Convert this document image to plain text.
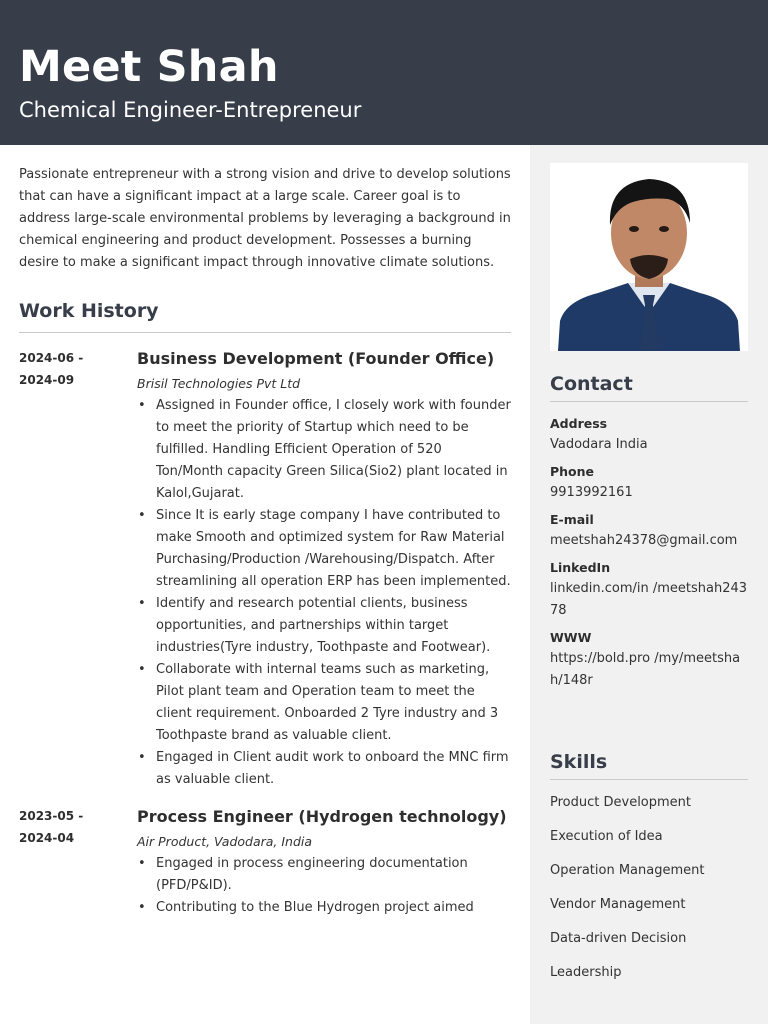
Meet Shah
Chemical Engineer-Entrepreneur

Passionate entrepreneur with a strong vision and drive to develop solutions that can have a significant impact at a large scale. Career goal is to address large-scale environmental problems by leveraging a background in chemical engineering and product development. Possesses a burning desire to make a significant impact through innovative climate solutions.

Work History
2024-06 -
2024-09
Business Development (Founder Office)
Brisil Technologies Pvt Ltd
• Assigned in Founder office, I closely work with founder to meet the priority of Startup which need to be fulfilled. Handling Efficient Operation of 520 Ton/Month capacity Green Silica(Sio2) plant located in Kalol,Gujarat.
• Since It is early stage company I have contributed to make Smooth and optimized system for Raw Material Purchasing/Production /Warehousing/Dispatch. After streamlining all operation ERP has been implemented.
• Identify and research potential clients, business opportunities, and partnerships within target industries(Tyre industry, Toothpaste and Footwear).
• Collaborate with internal teams such as marketing, Pilot plant team and Operation team to meet the client requirement. Onboarded 2 Tyre industry and 3 Toothpaste brand as valuable client.
• Engaged in Client audit work to onboard the MNC firm as valuable client.
2023-05 -
2024-04
Process Engineer (Hydrogen technology)
Air Product, Vadodara, India
• Engaged in process engineering documentation (PFD/P&ID).
• Contributing to the Blue Hydrogen project aimed
Contact
Address
Vadodara India
Phone
9913992161
E-mail
meetshah24378@gmail.com
LinkedIn
linkedin.com/in /meetshah24378
WWW
https://bold.pro /my/meetshah/148r
Skills
Product Development
Execution of Idea
Operation Management
Vendor Management
Data-driven Decision
Leadership
